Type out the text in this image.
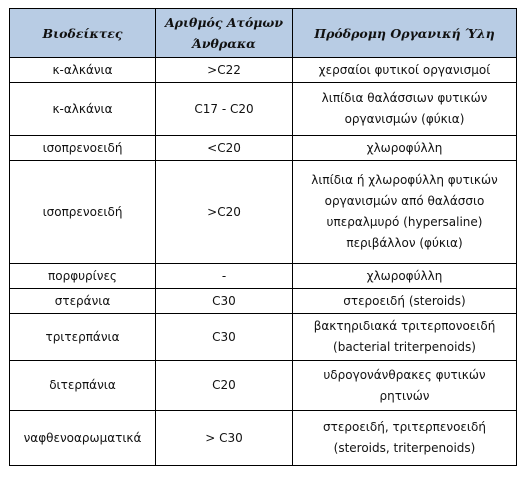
Βιοδείκτες	Αριθμός Ατόμων Άνθρακα	Πρόδρομη Οργανική Ύλη
κ-αλκάνια	>C22	χερσαίοι φυτικοί οργανισμοί
κ-αλκάνια	C17 - C20	λιπίδια θαλάσσιων φυτικών οργανισμών (φύκια)
ισοπρενοειδή	<C20	χλωροφύλλη
ισοπρενοειδή	>C20	λιπίδια ή χλωροφύλλη φυτικών οργανισμών από θαλάσσιο υπεραλμυρό (hypersaline) περιβάλλον (φύκια)
πορφυρίνες	-	χλωροφύλλη
στεράνια	C30	στεροειδή (steroids)
τριτερπάνια	C30	βακτηριδιακά τριτερπονοειδή (bacterial triterpenoids)
διτερπάνια	C20	υδρογονάνθρακες φυτικών ρητινών
ναφθενοαρωματικά	> C30	στεροειδή, τριτερπενοειδή (steroids, triterpenoids)
